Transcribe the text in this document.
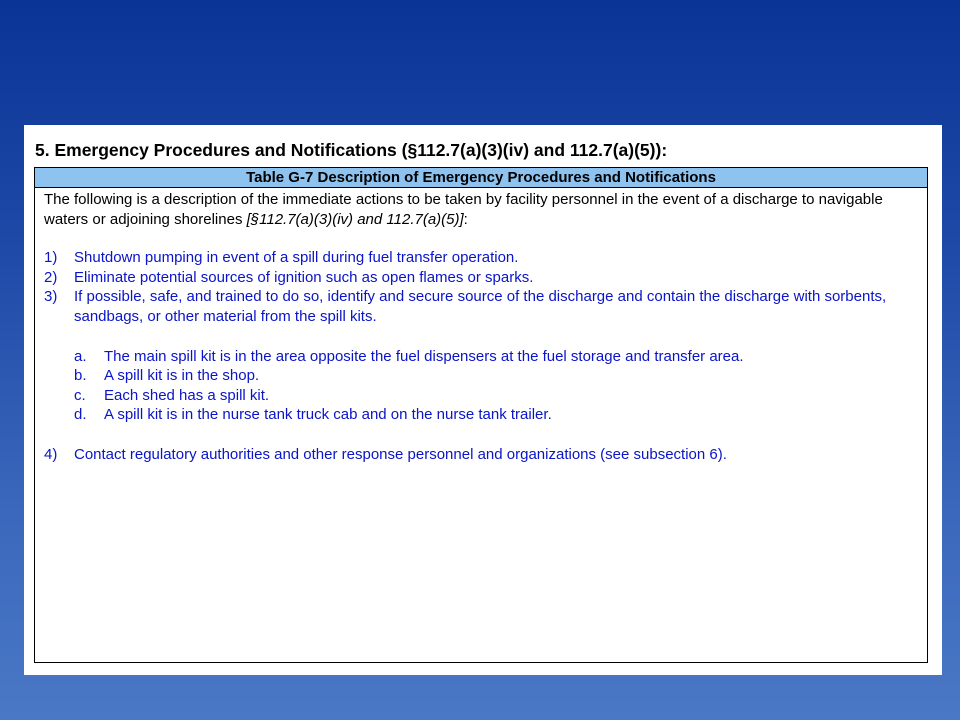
5. Emergency Procedures and Notifications (§112.7(a)(3)(iv) and 112.7(a)(5)):
Table G-7 Description of Emergency Procedures and Notifications

The following is a description of the immediate actions to be taken by facility personnel in the event of a discharge to navigable waters or adjoining shorelines [§112.7(a)(3)(iv) and 112.7(a)(5)]:

1)	Shutdown pumping in event of a spill during fuel transfer operation.
2)	Eliminate potential sources of ignition such as open flames or sparks.
3)	If possible, safe, and trained to do so, identify and secure source of the discharge and contain the discharge with sorbents, sandbags, or other material from the spill kits.
a.	The main spill kit is in the area opposite the fuel dispensers at the fuel storage and transfer area.
b.	A spill kit is in the shop.
c.	Each shed has a spill kit.
d.	A spill kit is in the nurse tank truck cab and on the nurse tank trailer.
4)	Contact regulatory authorities and other response personnel and organizations (see subsection 6).
